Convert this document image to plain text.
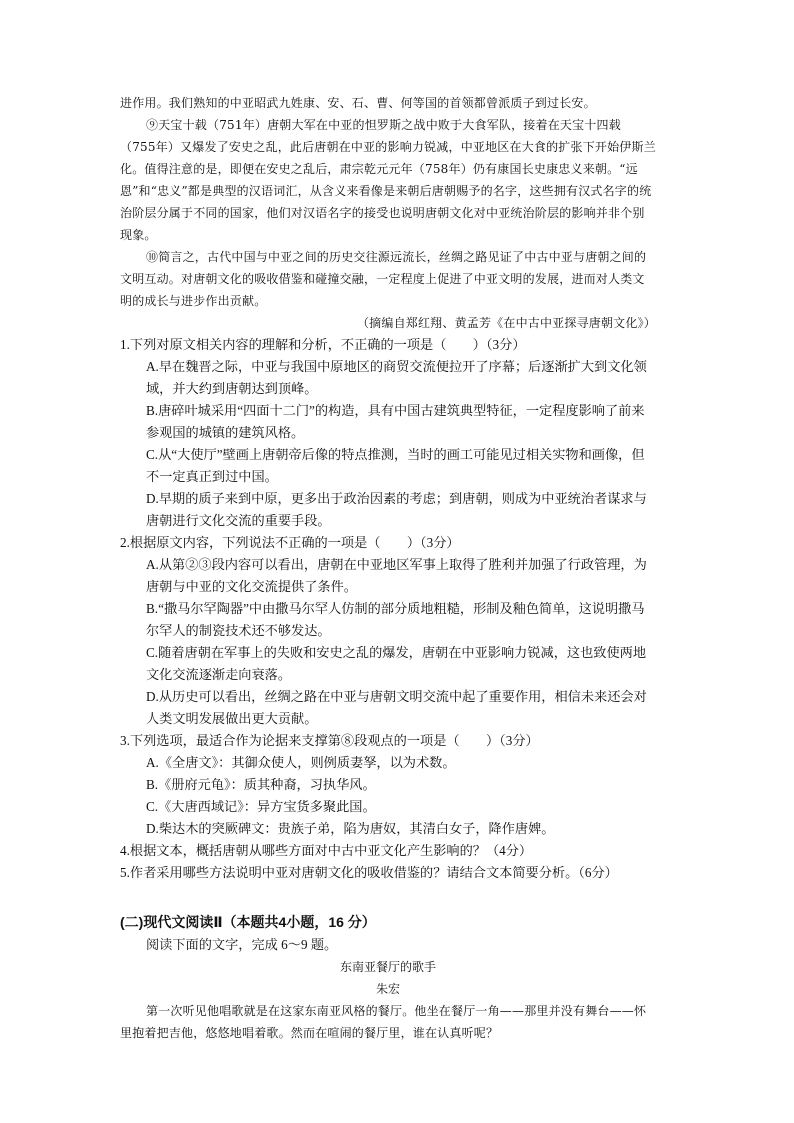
进作用。我们熟知的中亚昭武九姓康、安、石、曹、何等国的首领都曾派质子到过长安。

⑨天宝十载（751年）唐朝大军在中亚的怛罗斯之战中败于大食军队，接着在天宝十四载（755年）又爆发了安史之乱，此后唐朝在中亚的影响力锐减，中亚地区在大食的扩张下开始伊斯兰化。值得注意的是，即便在安史之乱后，肃宗乾元元年（758年）仍有康国长史康忠义来朝。“远恩”和“忠义”都是典型的汉语词汇，从含义来看像是来朝后唐朝赐予的名字，这些拥有汉式名字的统治阶层分属于不同的国家，他们对汉语名字的接受也说明唐朝文化对中亚统治阶层的影响并非个别现象。

⑩简言之，古代中国与中亚之间的历史交往源远流长，丝绸之路见证了中古中亚与唐朝之间的文明互动。对唐朝文化的吸收借鉴和碰撞交融，一定程度上促进了中亚文明的发展，进而对人类文明的成长与进步作出贡献。

（摘编自郑红翔、黄孟芳《在中古中亚探寻唐朝文化》）

1.下列对原文相关内容的理解和分析，不正确的一项是（　　）（3分）

A.早在魏晋之际，中亚与我国中原地区的商贸交流便拉开了序幕；后逐渐扩大到文化领域，并大约到唐朝达到顶峰。

B.唐碎叶城采用“四面十二门”的构造，具有中国古建筑典型特征，一定程度影响了前来参观国的城镇的建筑风格。

C.从“大使厅”壁画上唐朝帝后像的特点推测，当时的画工可能见过相关实物和画像，但不一定真正到过中国。

D.早期的质子来到中原，更多出于政治因素的考虑；到唐朝，则成为中亚统治者谋求与唐朝进行文化交流的重要手段。

2.根据原文内容，下列说法不正确的一项是（　　）（3分）

A.从第②③段内容可以看出，唐朝在中亚地区军事上取得了胜利并加强了行政管理，为唐朝与中亚的文化交流提供了条件。

B.“撒马尔罕陶器”中由撒马尔罕人仿制的部分质地粗糙，形制及釉色简单，这说明撒马尔罕人的制瓷技术还不够发达。

C.随着唐朝在军事上的失败和安史之乱的爆发，唐朝在中亚影响力锐减，这也致使两地文化交流逐渐走向衰落。

D.从历史可以看出，丝绸之路在中亚与唐朝文明交流中起了重要作用，相信未来还会对人类文明发展做出更大贡献。

3.下列选项，最适合作为论据来支撑第⑧段观点的一项是（　　）（3分）

A.《全唐文》：其御众使人，则例质妻孥，以为术数。

B.《册府元龟》：质其种裔，习执华风。

C.《大唐西域记》：异方宝货多聚此国。

D.柴达木的突厥碑文：贵族子弟，陷为唐奴，其清白女子，降作唐婢。

4.根据文本，概括唐朝从哪些方面对中古中亚文化产生影响的？（4分）

5.作者采用哪些方法说明中亚对唐朝文化的吸收借鉴的？请结合文本简要分析。（6分）

(二)现代文阅读Ⅱ（本题共4小题，16 分）

阅读下面的文字，完成 6～9 题。

东南亚餐厅的歌手

朱宏

第一次听见他唱歌就是在这家东南亚风格的餐厅。他坐在餐厅一角——那里并没有舞台——怀里抱着把吉他，悠悠地唱着歌。然而在喧闹的餐厅里，谁在认真听呢？
